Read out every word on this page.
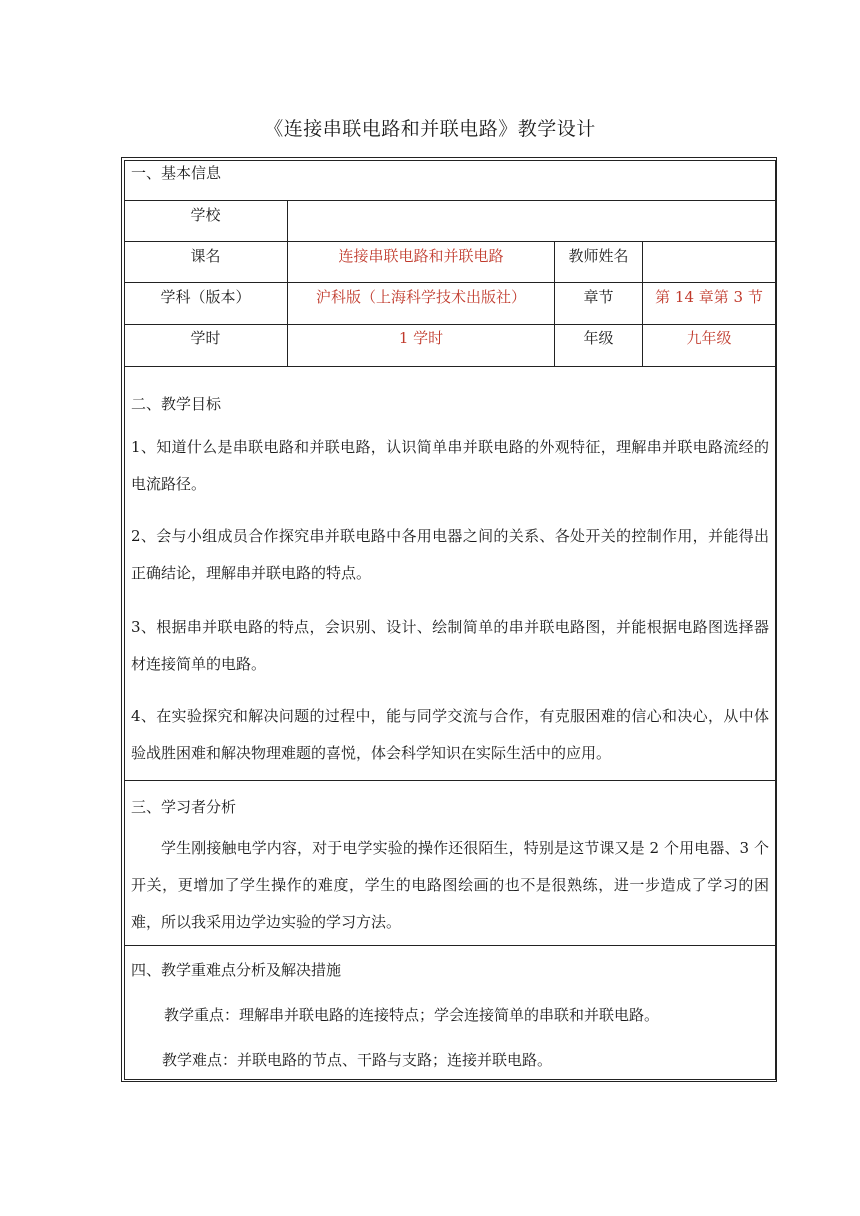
《连接串联电路和并联电路》教学设计
一、基本信息
学校
课名	连接串联电路和并联电路	教师姓名
学科（版本）	沪科版（上海科学技术出版社）	章节	第 14 章第 3 节
学时	1 学时	年级	九年级
二、教学目标
1、知道什么是串联电路和并联电路，认识简单串并联电路的外观特征，理解串并联电路流经的电流路径。
2、会与小组成员合作探究串并联电路中各用电器之间的关系、各处开关的控制作用，并能得出正确结论，理解串并联电路的特点。
3、根据串并联电路的特点，会识别、设计、绘制简单的串并联电路图，并能根据电路图选择器材连接简单的电路。
4、在实验探究和解决问题的过程中，能与同学交流与合作，有克服困难的信心和决心，从中体验战胜困难和解决物理难题的喜悦，体会科学知识在实际生活中的应用。
三、学习者分析
学生刚接触电学内容，对于电学实验的操作还很陌生，特别是这节课又是 2 个用电器、3 个开关，更增加了学生操作的难度，学生的电路图绘画的也不是很熟练，进一步造成了学习的困难，所以我采用边学边实验的学习方法。
四、教学重难点分析及解决措施
教学重点：理解串并联电路的连接特点；学会连接简单的串联和并联电路。
教学难点：并联电路的节点、干路与支路；连接并联电路。
